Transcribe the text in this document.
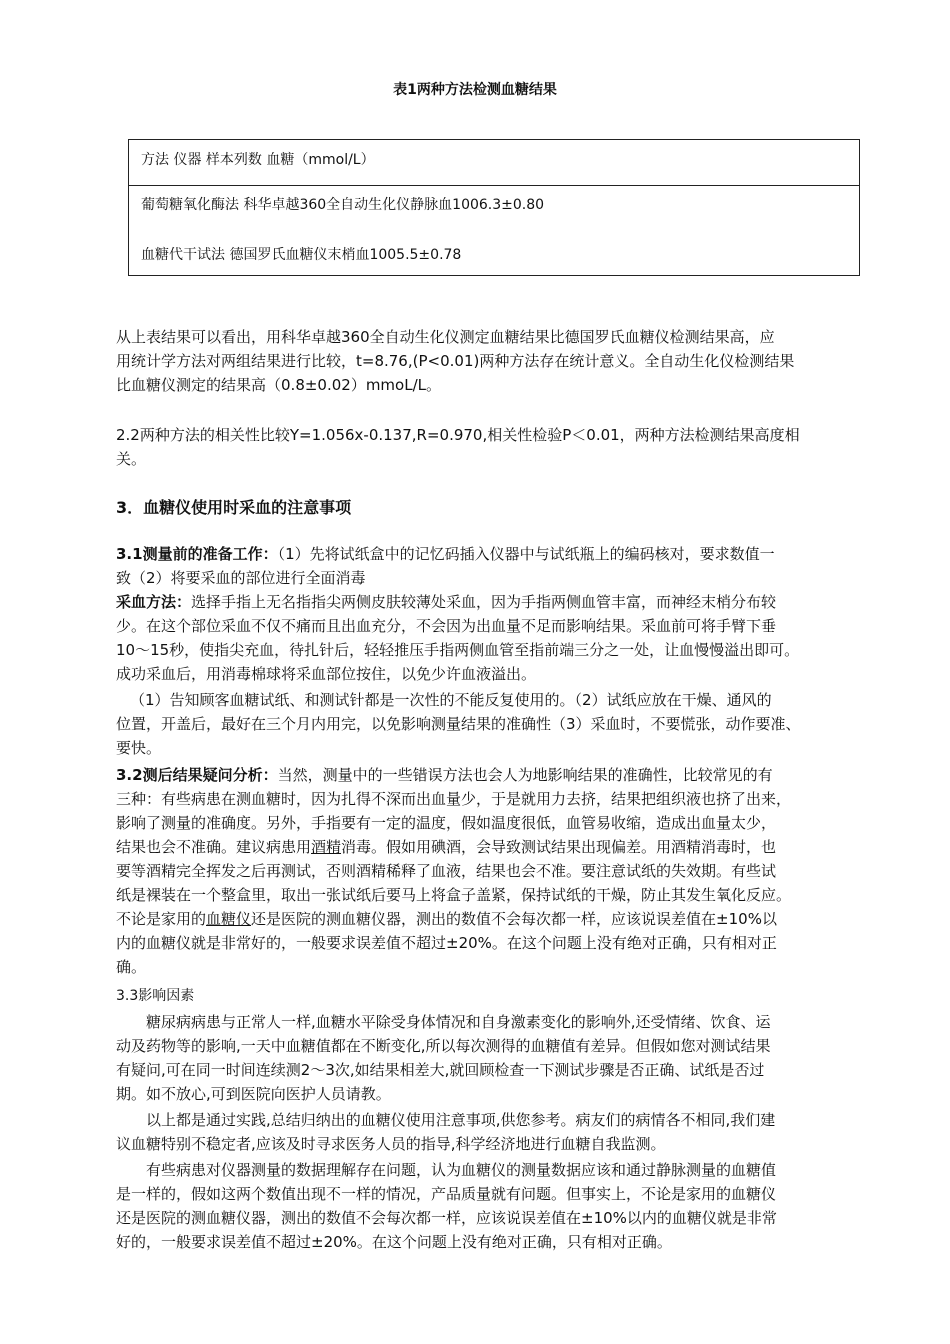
表1两种方法检测血糖结果
方法 仪器 样本列数 血糖（mmol/L）
葡萄糖氧化酶法 科华卓越360全自动生化仪静脉血1006.3±0.80
血糖代干试法 德国罗氏血糖仪末梢血1005.5±0.78
从上表结果可以看出，用科华卓越360全自动生化仪测定血糖结果比德国罗氏血糖仪检测结果高，应
用统计学方法对两组结果进行比较，t=8.76,(P<0.01)两种方法存在统计意义。全自动生化仪检测结果
比血糖仪测定的结果高（0.8±0.02）mmoL/L。
2.2两种方法的相关性比较Y=1.056x-0.137,R=0.970,相关性检验P＜0.01，两种方法检测结果高度相
关。
3．血糖仪使用时采血的注意事项
3.1测量前的准备工作：（1）先将试纸盒中的记忆码插入仪器中与试纸瓶上的编码核对，要求数值一
致（2）将要采血的部位进行全面消毒
采血方法：选择手指上无名指指尖两侧皮肤较薄处采血，因为手指两侧血管丰富，而神经末梢分布较
少。在这个部位采血不仅不痛而且出血充分，不会因为出血量不足而影响结果。采血前可将手臂下垂
10～15秒，使指尖充血，待扎针后，轻轻推压手指两侧血管至指前端三分之一处，让血慢慢溢出即可。
成功采血后，用消毒棉球将采血部位按住，以免少许血液溢出。
（1）告知顾客血糖试纸、和测试针都是一次性的不能反复使用的。（2）试纸应放在干燥、通风的
位置，开盖后，最好在三个月内用完，以免影响测量结果的准确性（3）采血时，不要慌张，动作要准、
要快。
3.2测后结果疑问分析：当然，测量中的一些错误方法也会人为地影响结果的准确性，比较常见的有
三种：有些病患在测血糖时，因为扎得不深而出血量少，于是就用力去挤，结果把组织液也挤了出来，
影响了测量的准确度。另外，手指要有一定的温度，假如温度很低，血管易收缩，造成出血量太少，
结果也会不准确。建议病患用酒精消毒。假如用碘酒，会导致测试结果出现偏差。用酒精消毒时，也
要等酒精完全挥发之后再测试，否则酒精稀释了血液，结果也会不准。要注意试纸的失效期。有些试
纸是裸装在一个整盒里，取出一张试纸后要马上将盒子盖紧，保持试纸的干燥，防止其发生氧化反应。
不论是家用的血糖仪还是医院的测血糖仪器，测出的数值不会每次都一样，应该说误差值在±10%以
内的血糖仪就是非常好的，一般要求误差值不超过±20%。在这个问题上没有绝对正确，只有相对正
确。
3.3影响因素
糖尿病病患与正常人一样,血糖水平除受身体情况和自身激素变化的影响外,还受情绪、饮食、运
动及药物等的影响,一天中血糖值都在不断变化,所以每次测得的血糖值有差异。但假如您对测试结果
有疑问,可在同一时间连续测2～3次,如结果相差大,就回顾检查一下测试步骤是否正确、试纸是否过
期。如不放心,可到医院向医护人员请教。
以上都是通过实践,总结归纳出的血糖仪使用注意事项,供您参考。病友们的病情各不相同,我们建
议血糖特别不稳定者,应该及时寻求医务人员的指导,科学经济地进行血糖自我监测。
有些病患对仪器测量的数据理解存在问题，认为血糖仪的测量数据应该和通过静脉测量的血糖值
是一样的，假如这两个数值出现不一样的情况，产品质量就有问题。但事实上，不论是家用的血糖仪
还是医院的测血糖仪器，测出的数值不会每次都一样，应该说误差值在±10%以内的血糖仪就是非常
好的，一般要求误差值不超过±20%。在这个问题上没有绝对正确，只有相对正确。
